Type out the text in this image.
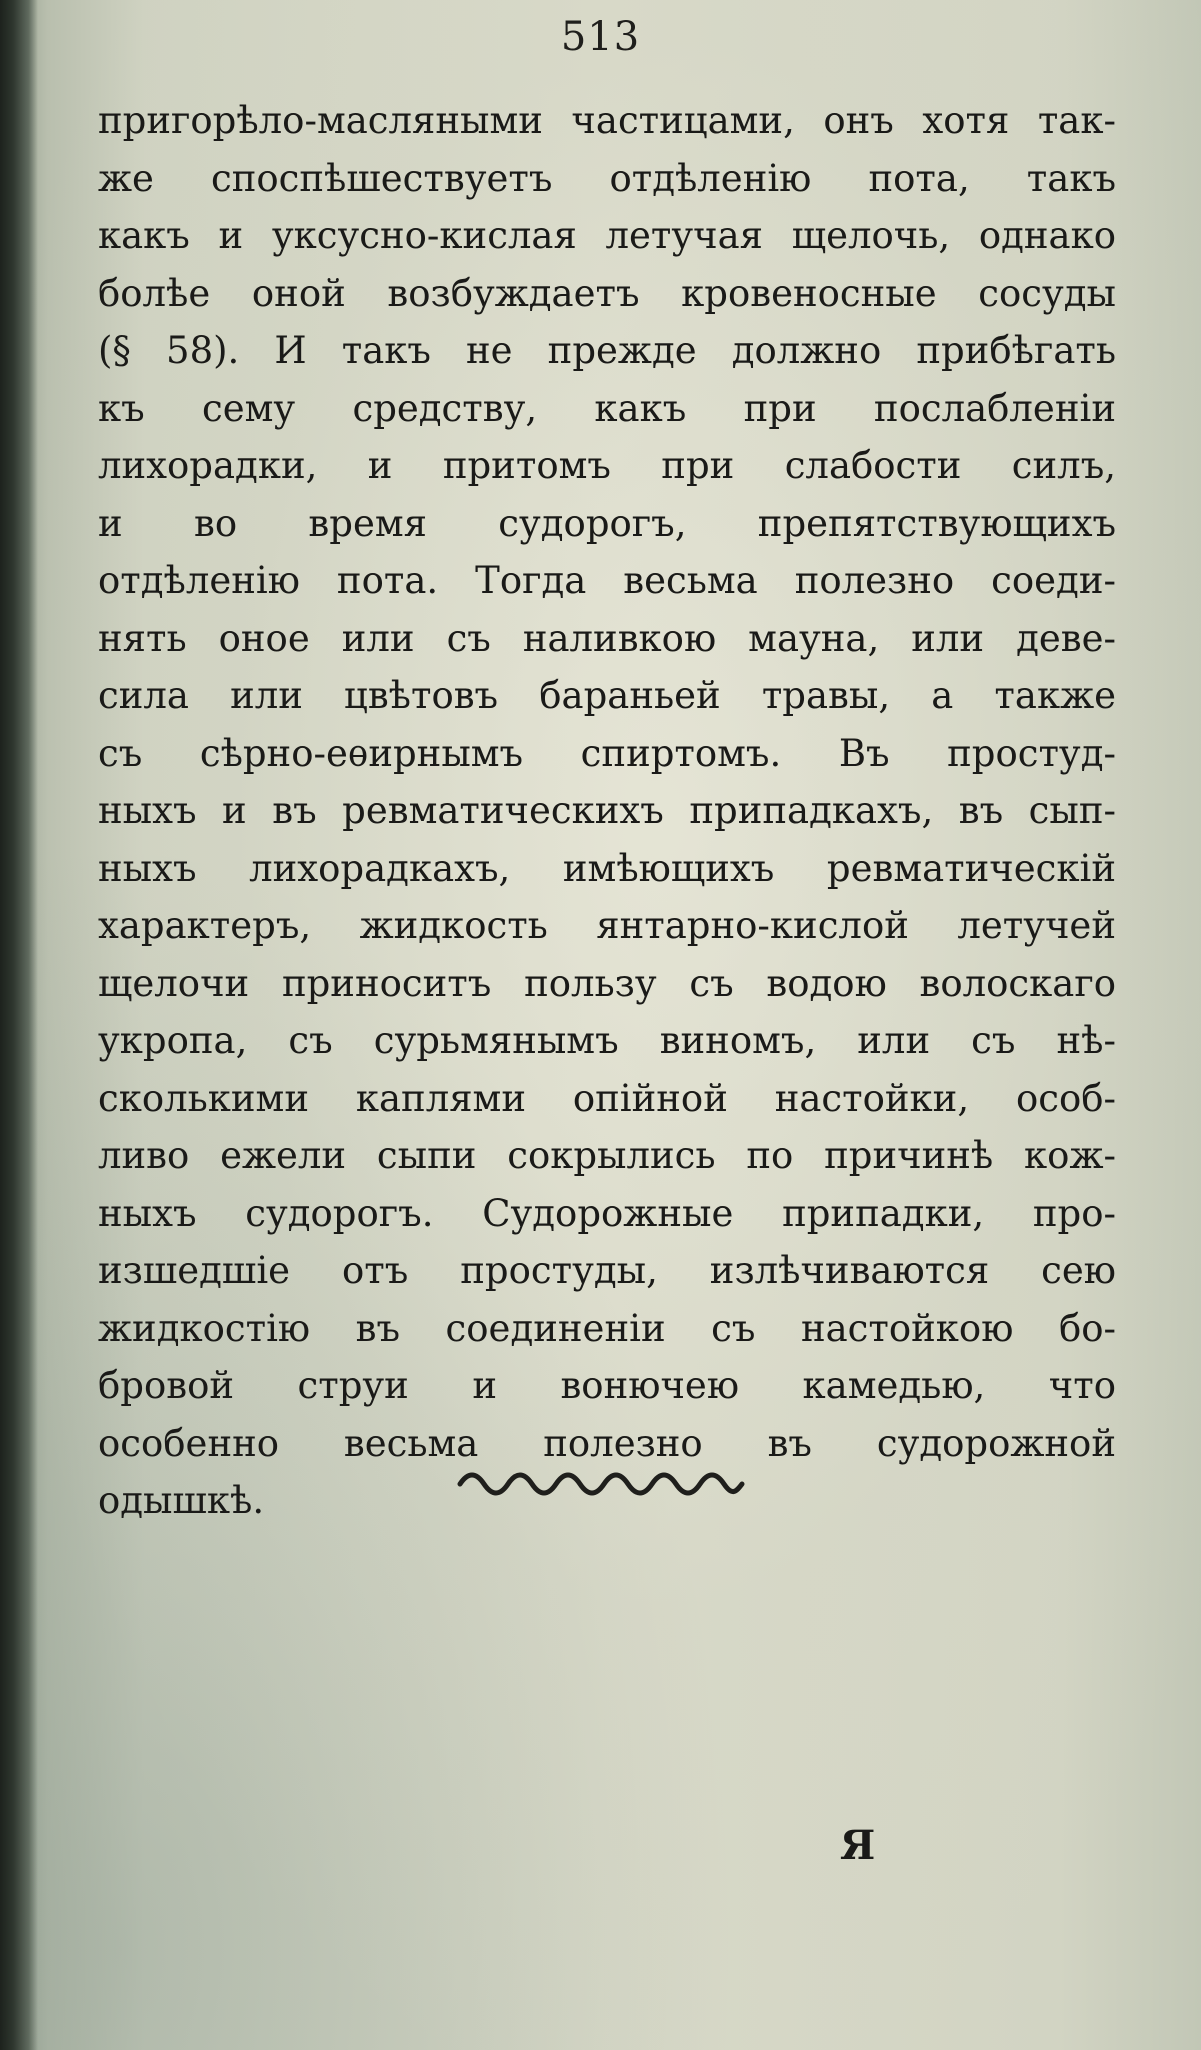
513
пригорѣло-масляными частицами, онъ хотя так-
же споспѣшествуетъ отдѣленію пота, такъ
какъ и уксусно-кислая летучая щелочь, однако
болѣе оной возбуждаетъ кровеносные сосуды
(§ 58). И такъ не прежде должно прибѣгать
къ сему средству, какъ при послабленіи
лихорадки, и притомъ при слабости силъ,
и во время судорогъ, препятствующихъ
отдѣленію пота. Тогда весьма полезно соеди-
нять оное или съ наливкою мауна, или деве-
сила или цвѣтовъ бараньей травы, а также
съ сѣрно-еѳирнымъ спиртомъ. Въ простуд-
ныхъ и въ ревматическихъ припадкахъ, въ сып-
ныхъ лихорадкахъ, имѣющихъ ревматическій
характеръ, жидкость янтарно-кислой летучей
щелочи приноситъ пользу съ водою волоскаго
укропа, съ сурьмянымъ виномъ, или съ нѣ-
сколькими каплями опійной настойки, особ-
ливо ежели сыпи сокрылись по причинѣ кож-
ныхъ судорогъ. Судорожные припадки, про-
изшедшіе отъ простуды, излѣчиваются сею
жидкостію въ соединеніи съ настойкою бо-
бровой струи и вонючею камедью, что
особенно весьма полезно въ судорожной
одышкѣ.
Я
